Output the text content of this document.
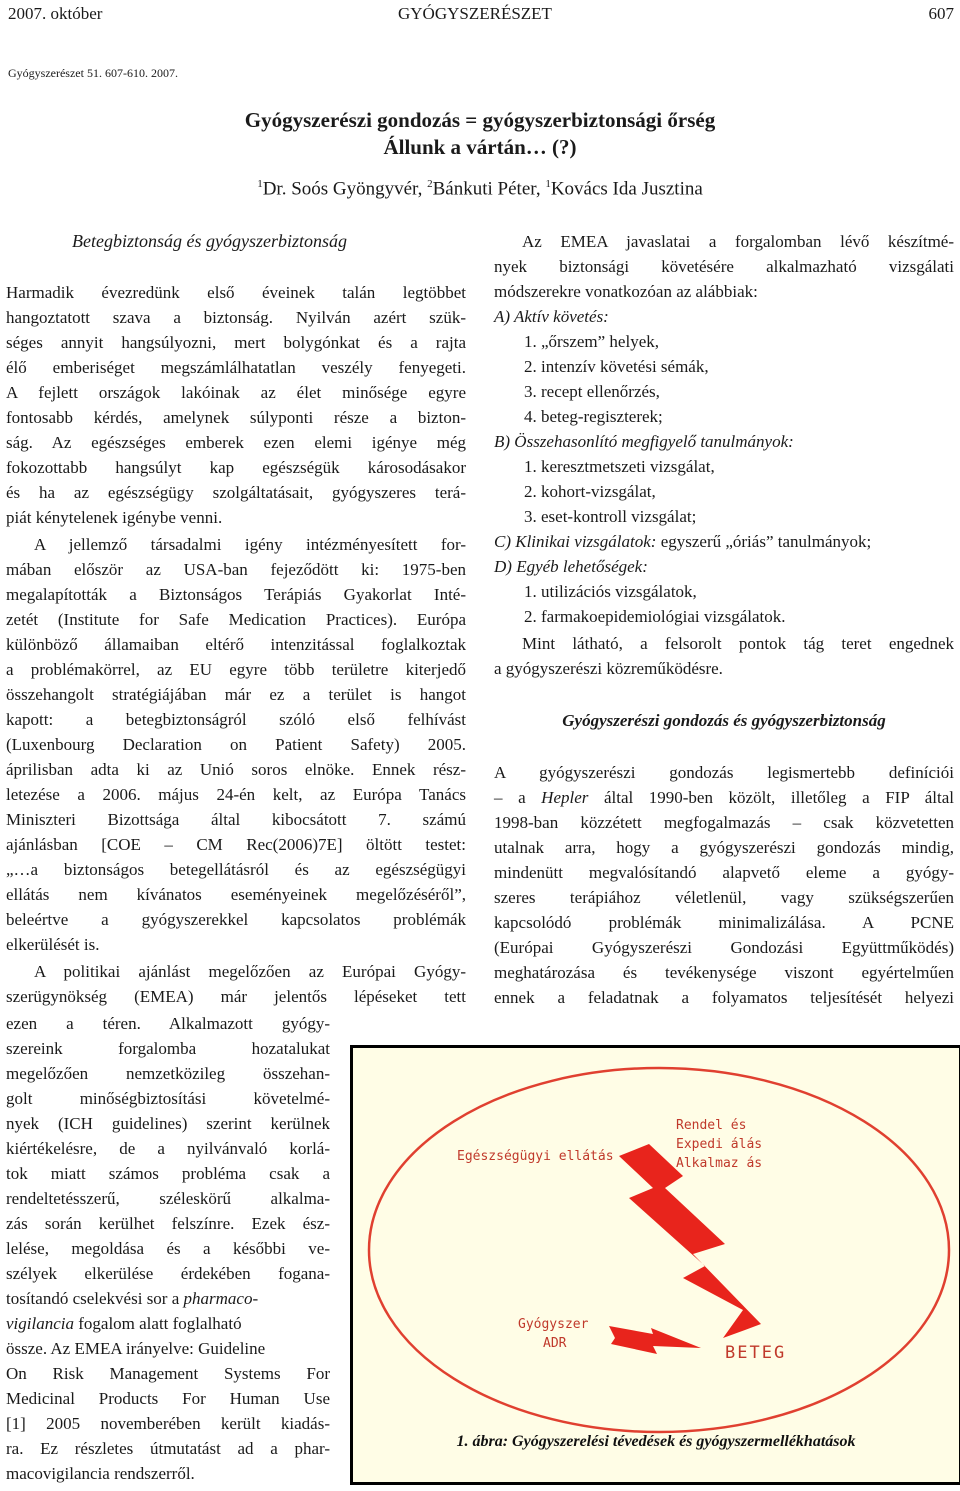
2007. október	GYÓGYSZERÉSZET	607
Gyógyszerészet 51. 607-610. 2007.
Gyógyszerészi gondozás = gyógyszerbiztonsági őrség
Állunk a vártán… (?)
$^1$Dr. Soós Gyöngyvér, $^2$Bánkuti Péter, $^1$Kovács Ida Jusztina
Betegbiztonság és gyógyszerbiztonság
Harmadik évezredünk első éveinek talán legtöbbet
hangoztatott szava a biztonság. Nyilván azért szük-
séges annyit hangsúlyozni, mert bolygónkat és a rajta
élő emberiséget megszámlálhatatlan veszély fenyegeti.
A fejlett országok lakóinak az élet minősége egyre
fontosabb kérdés, amelynek súlyponti része a bizton-
ság. Az egészséges emberek ezen elemi igénye még
fokozottabb hangsúlyt kap egészségük károsodásakor
és ha az egészségügy szolgáltatásait, gyógyszeres terá-
piát kénytelenek igénybe venni.
A jellemző társadalmi igény intézményesített for-
mában először az USA-ban fejeződött ki: 1975-ben
megalapították a Biztonságos Terápiás Gyakorlat Inté-
zetét (Institute for Safe Medication Practices). Európa
különböző államaiban eltérő intenzitással foglalkoztak
a problémakörrel, az EU egyre több területre kiterjedő
összehangolt stratégiájában már ez a terület is hangot
kapott: a betegbiztonságról szóló első felhívást
(Luxenbourg Declaration on Patient Safety) 2005.
áprilisban adta ki az Unió soros elnöke. Ennek rész-
letezése a 2006. május 24-én kelt, az Európa Tanács
Miniszteri Bizottsága által kibocsátott 7. számú
ajánlásban [COE – CM Rec(2006)7E] öltött testet:
„…a biztonságos betegellátásról és az egészségügyi
ellátás nem kívánatos eseményeinek megelőzéséről”,
beleértve a gyógyszerekkel kapcsolatos problémák
elkerülését is.
A politikai ajánlást megelőzően az Európai Gyógy-
szerügynökség (EMEA) már jelentős lépéseket tett
ezen a téren. Alkalmazott gyógy-
szereink forgalomba hozatalukat
megelőzően nemzetközileg összehan-
golt minőségbiztosítási követelmé-
nyek (ICH guidelines) szerint kerülnek
kiértékelésre, de a nyilvánvaló korlá-
tok miatt számos probléma csak a
rendeltetésszerű, széleskörű alkalma-
zás során kerülhet felszínre. Ezek ész-
lelése, megoldása és a későbbi ve-
szélyek elkerülése érdekében fogana-
tosítandó cselekvési sor a pharmaco-
vigilancia fogalom alatt foglalható
össze. Az EMEA irányelve: Guideline
On Risk Management Systems For
Medicinal Products For Human Use
[1] 2005 novemberében került kiadás-
ra. Ez részletes útmutatást ad a phar-
macovigilancia rendszerről.
Az EMEA javaslatai a forgalomban lévő készítmé-
nyek biztonsági követésére alkalmazható vizsgálati
módszerekre vonatkozóan az alábbiak:
A) Aktív követés:
1. „őrszem” helyek,
2. intenzív követési sémák,
3. recept ellenőrzés,
4. beteg-regiszterek;
B) Összehasonlító megfigyelő tanulmányok:
1. keresztmetszeti vizsgálat,
2. kohort-vizsgálat,
3. eset-kontroll vizsgálat;
C) Klinikai vizsgálatok: egyszerű „óriás” tanulmányok;
D) Egyéb lehetőségek:
1. utilizációs vizsgálatok,
2. farmakoepidemiológiai vizsgálatok.
Mint látható, a felsorolt pontok tág teret engednek
a gyógyszerészi közreműködésre.
Gyógyszerészi gondozás és gyógyszerbiztonság
A gyógyszerészi gondozás legismertebb definíciói
– a Hepler által 1990-ben közölt, illetőleg a FIP által
1998-ban közzétett megfogalmazás – csak közvetetten
utalnak arra, hogy a gyógyszerészi gondozás mindig,
mindenütt megvalósítandó alapvető eleme a gyógy-
szeres terápiához véletlenül, vagy szükségszerűen
kapcsolódó problémák minimalizálása. A PCNE
(Európai Gyógyszerészi Gondozási Együttműködés)
meghatározása és tevékenysége viszont egyértelműen
ennek a feladatnak a folyamatos teljesítését helyezi
Egészségügyi ellátás
Rendel és
Expedi álás
Alkalmaz ás
Gyógyszer
ADR	BETEG
1. ábra: Gyógyszerelési tévedések és gyógyszermellékhatások
